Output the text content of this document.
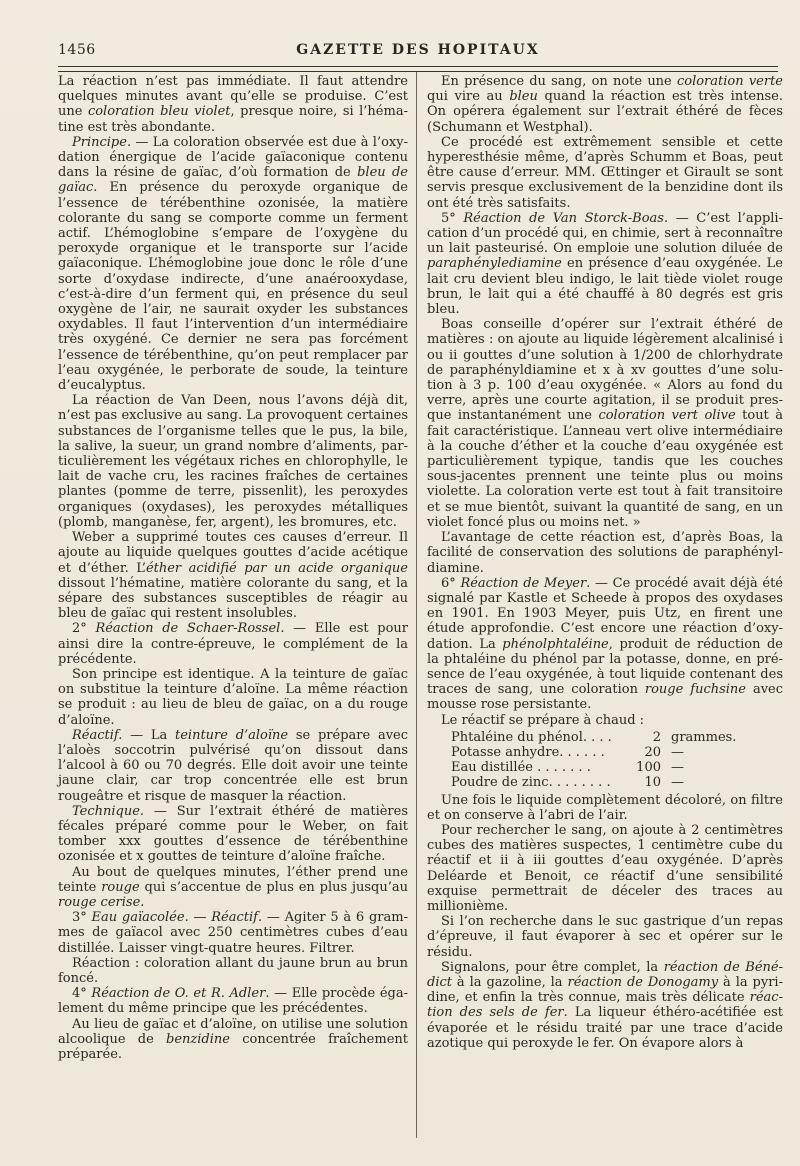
1456	GAZETTE DES HOPITAUX

La réaction n’est pas immédiate. Il faut attendre quelques minutes avant qu’elle se produise. C’est une coloration bleu violet, presque noire, si l’hématine est très abondante.

Principe. — La coloration observée est due à l’oxydation énergique de l’acide gaïaconique contenu dans la résine de gaïac, d’où formation de bleu de gaïac. En présence du peroxyde organique de l’essence de térébenthine ozonisée, la matière colorante du sang se comporte comme un ferment actif. L’hémoglobine s’empare de l’oxygène du peroxyde organique et le transporte sur l’acide gaïaconique. L’hémoglobine joue donc le rôle d’une sorte d’oxydase indirecte, d’une anaérooxydase, c’est-à-dire d’un ferment qui, en présence du seul oxygène de l’air, ne saurait oxyder les substances oxydables. Il faut l’intervention d’un intermédiaire très oxygéné. Ce dernier ne sera pas forcément l’essence de térébenthine, qu’on peut remplacer par l’eau oxygénée, le perborate de soude, la teinture d’eucalyptus.

La réaction de Van Deen, nous l’avons déjà dit, n’est pas exclusive au sang. La provoquent certaines substances de l’organisme telles que le pus, la bile, la salive, la sueur, un grand nombre d’aliments, particulièrement les végétaux riches en chlorophylle, le lait de vache cru, les racines fraîches de certaines plantes (pomme de terre, pissenlit), les peroxydes organiques (oxydases), les peroxydes métalliques (plomb, manganèse, fer, argent), les bromures, etc.

Weber a supprimé toutes ces causes d’erreur. Il ajoute au liquide quelques gouttes d’acide acétique et d’éther. L’éther acidifié par un acide organique dissout l’hématine, matière colorante du sang, et la sépare des substances susceptibles de réagir au bleu de gaïac qui restent insolubles.

2° Réaction de Schaer-Rossel. — Elle est pour ainsi dire la contre-épreuve, le complément de la précédente.

Son principe est identique. A la teinture de gaïac on substitue la teinture d’aloïne. La même réaction se produit : au lieu de bleu de gaïac, on a du rouge d’aloïne.

Réactif. — La teinture d’aloïne se prépare avec l’aloès soccotrin pulvérisé qu’on dissout dans l’alcool à 60 ou 70 degrés. Elle doit avoir une teinte jaune clair, car trop concentrée elle est brun rougeâtre et risque de masquer la réaction.

Technique. — Sur l’extrait éthéré de matières fécales préparé comme pour le Weber, on fait tomber xxx gouttes d’essence de térébenthine ozonisée et x gouttes de teinture d’aloïne fraîche.

Au bout de quelques minutes, l’éther prend une teinte rouge qui s’accentue de plus en plus jusqu’au rouge cerise.

3° Eau gaïacolée. — Réactif. — Agiter 5 à 6 grammes de gaïacol avec 250 centimètres cubes d’eau distillée. Laisser vingt-quatre heures. Filtrer.

Réaction : coloration allant du jaune brun au brun foncé.

4° Réaction de O. et R. Adler. — Elle procède également du même principe que les précédentes.

Au lieu de gaïac et d’aloïne, on utilise une solution alcoolique de benzidine concentrée fraîchement préparée.

En présence du sang, on note une coloration verte qui vire au bleu quand la réaction est très intense. On opérera également sur l’extrait éthéré de fèces (Schumann et Westphal).

Ce procédé est extrêmement sensible et cette hyperesthésie même, d’après Schumm et Boas, peut être cause d’erreur. MM. Œttinger et Girault se sont servis presque exclusivement de la benzidine dont ils ont été très satisfaits.

5° Réaction de Van Storck-Boas. — C’est l’application d’un procédé qui, en chimie, sert à reconnaître un lait pasteurisé. On emploie une solution diluée de paraphénylediamine en présence d’eau oxygénée. Le lait cru devient bleu indigo, le lait tiède violet rouge brun, le lait qui a été chauffé à 80 degrés est gris bleu.

Boas conseille d’opérer sur l’extrait éthéré de matières : on ajoute au liquide légèrement alcalinisé i ou ii gouttes d’une solution à 1/200 de chlorhydrate de paraphényldiamine et x à xv gouttes d’une solution à 3 p. 100 d’eau oxygénée. « Alors au fond du verre, après une courte agitation, il se produit presque instantanément une coloration vert olive tout à fait caractéristique. L’anneau vert olive intermédiaire à la couche d’éther et la couche d’eau oxygénée est particulièrement typique, tandis que les couches sous-jacentes prennent une teinte plus ou moins violette. La coloration verte est tout à fait transitoire et se mue bientôt, suivant la quantité de sang, en un violet foncé plus ou moins net. »

L’avantage de cette réaction est, d’après Boas, la facilité de conservation des solutions de paraphényldiamine.

6° Réaction de Meyer. — Ce procédé avait déjà été signalé par Kastle et Scheede à propos des oxydases en 1901. En 1903 Meyer, puis Utz, en firent une étude approfondie. C’est encore une réaction d’oxydation. La phénolphtaléine, produit de réduction de la phtaléine du phénol par la potasse, donne, en présence de l’eau oxygénée, à tout liquide contenant des traces de sang, une coloration rouge fuchsine avec mousse rose persistante.

Le réactif se prépare à chaud :

Phtaléine du phénol. . . .	2 grammes.
Potasse anhydre. . . . . .	20 —
Eau distillée . . . . . . .	100 —
Poudre de zinc. . . . . . . .	10 —

Une fois le liquide complètement décoloré, on filtre et on conserve à l’abri de l’air.

Pour rechercher le sang, on ajoute à 2 centimètres cubes des matières suspectes, 1 centimètre cube du réactif et ii à iii gouttes d’eau oxygénée. D’après Deléarde et Benoit, ce réactif d’une sensibilité exquise permettrait de déceler des traces au millionième.

Si l’on recherche dans le suc gastrique d’un repas d’épreuve, il faut évaporer à sec et opérer sur le résidu.

Signalons, pour être complet, la réaction de Bénédict à la gazoline, la réaction de Donogamy à la pyridine, et enfin la très connue, mais très délicate réaction des sels de fer. La liqueur éthéro-acétifiée est évaporée et le résidu traité par une trace d’acide azotique qui peroxyde le fer. On évapore alors à
